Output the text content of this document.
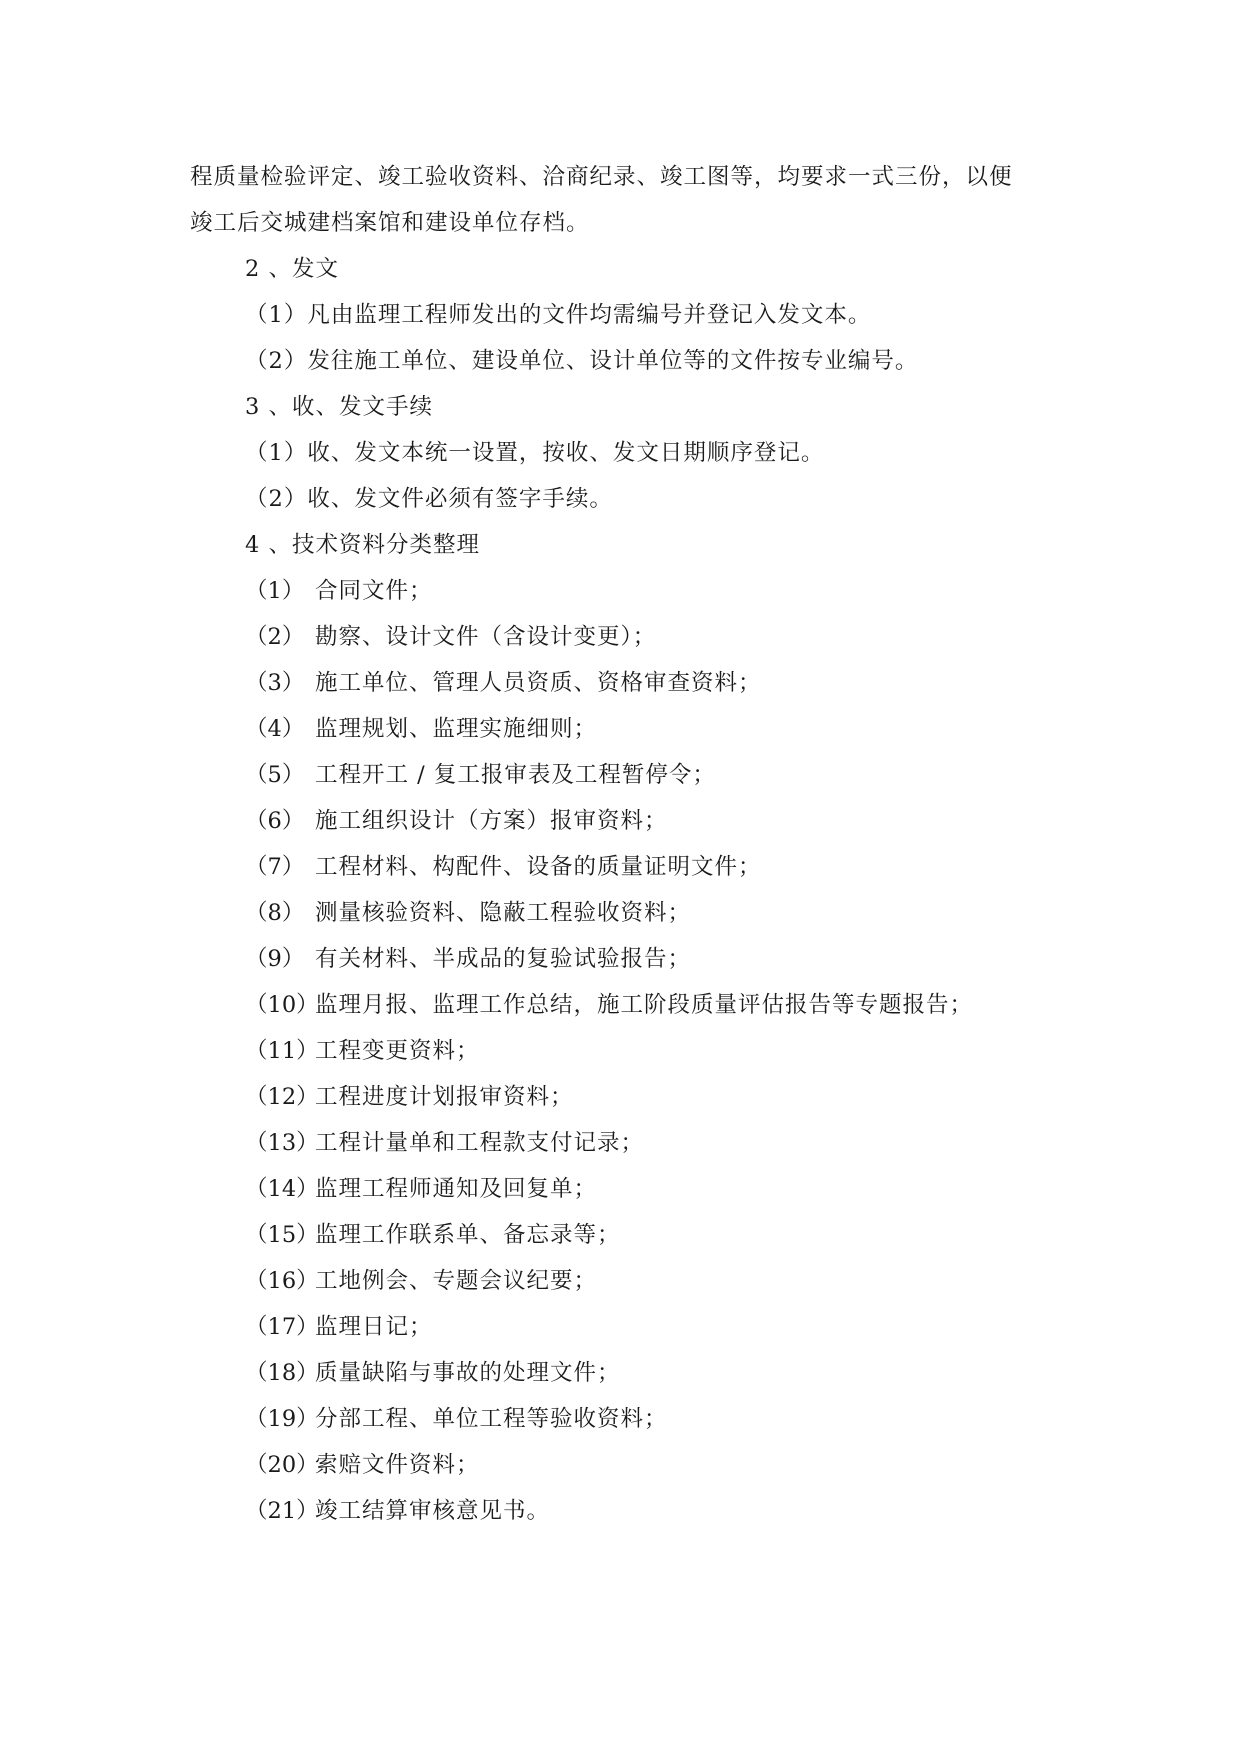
程质量检验评定、竣工验收资料、洽商纪录、竣工图等，均要求一式三份，以便
竣工后交城建档案馆和建设单位存档。
2 、发文
（1）凡由监理工程师发出的文件均需编号并登记入发文本。
（2）发往施工单位、建设单位、设计单位等的文件按专业编号。
3 、收、发文手续
（1）收、发文本统一设置，按收、发文日期顺序登记。
（2）收、发文件必须有签字手续。
4 、技术资料分类整理
（1） 合同文件；
（2） 勘察、设计文件（含设计变更）；
（3） 施工单位、管理人员资质、资格审查资料；
（4） 监理规划、监理实施细则；
（5） 工程开工 / 复工报审表及工程暂停令；
（6） 施工组织设计（方案）报审资料；
（7） 工程材料、构配件、设备的质量证明文件；
（8） 测量核验资料、隐蔽工程验收资料；
（9） 有关材料、半成品的复验试验报告；
（10）
监理月报、监理工作总结，施工阶段质量评估报告等专题报告；
（11）
工程变更资料；
（12）
工程进度计划报审资料；
（13）
工程计量单和工程款支付记录；
（14）
监理工程师通知及回复单；
（15）
监理工作联系单、备忘录等；
（16）
工地例会、专题会议纪要；
（17）
监理日记；
（18）
质量缺陷与事故的处理文件；
（19）
分部工程、单位工程等验收资料；
（20）
索赔文件资料；
（21）
竣工结算审核意见书。
